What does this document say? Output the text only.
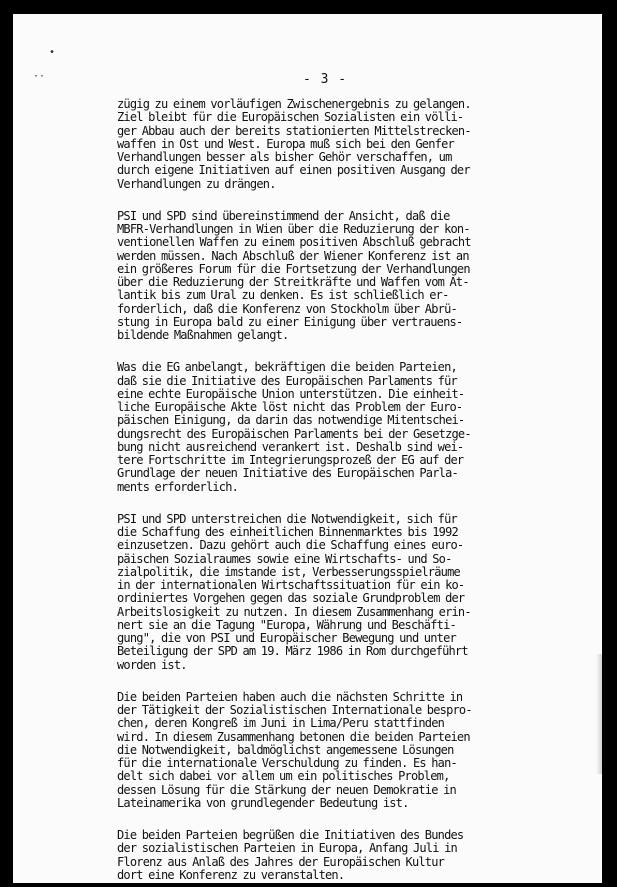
•
··	- 3 -

zügig zu einem vorläufigen Zwischenergebnis zu gelangen.
Ziel bleibt für die Europäischen Sozialisten ein völli-
ger Abbau auch der bereits stationierten Mittelstrecken-
waffen in Ost und West. Europa muß sich bei den Genfer
Verhandlungen besser als bisher Gehör verschaffen, um
durch eigene Initiativen auf einen positiven Ausgang der
Verhandlungen zu drängen.

PSI und SPD sind übereinstimmend der Ansicht, daß die
MBFR-Verhandlungen in Wien über die Reduzierung der kon-
ventionellen Waffen zu einem positiven Abschluß gebracht
werden müssen. Nach Abschluß der Wiener Konferenz ist an
ein größeres Forum für die Fortsetzung der Verhandlungen
über die Reduzierung der Streitkräfte und Waffen vom At-
lantik bis zum Ural zu denken. Es ist schließlich er-
forderlich, daß die Konferenz von Stockholm über Abrü-
stung in Europa bald zu einer Einigung über vertrauens-
bildende Maßnahmen gelangt.

Was die EG anbelangt, bekräftigen die beiden Parteien,
daß sie die Initiative des Europäischen Parlaments für
eine echte Europäische Union unterstützen. Die einheit-
liche Europäische Akte löst nicht das Problem der Euro-
päischen Einigung, da darin das notwendige Mitentschei-
dungsrecht des Europäischen Parlaments bei der Gesetzge-
bung nicht ausreichend verankert ist. Deshalb sind wei-
tere Fortschritte im Integrierungsprozeß der EG auf der
Grundlage der neuen Initiative des Europäischen Parla-
ments erforderlich.

PSI und SPD unterstreichen die Notwendigkeit, sich für
die Schaffung des einheitlichen Binnenmarktes bis 1992
einzusetzen. Dazu gehört auch die Schaffung eines euro-
päischen Sozialraumes sowie eine Wirtschafts- und So-
zialpolitik, die imstande ist, Verbesserungsspielräume
in der internationalen Wirtschaftssituation für ein ko-
ordiniertes Vorgehen gegen das soziale Grundproblem der
Arbeitslosigkeit zu nutzen. In diesem Zusammenhang erin-
nert sie an die Tagung "Europa, Währung und Beschäfti-
gung", die von PSI und Europäischer Bewegung und unter
Beteiligung der SPD am 19. März 1986 in Rom durchgeführt
worden ist.

Die beiden Parteien haben auch die nächsten Schritte in
der Tätigkeit der Sozialistischen Internationale bespro-
chen, deren Kongreß im Juni in Lima/Peru stattfinden
wird. In diesem Zusammenhang betonen die beiden Parteien
die Notwendigkeit, baldmöglichst angemessene Lösungen
für die internationale Verschuldung zu finden. Es han-
delt sich dabei vor allem um ein politisches Problem,
dessen Lösung für die Stärkung der neuen Demokratie in
Lateinamerika von grundlegender Bedeutung ist.

Die beiden Parteien begrüßen die Initiativen des Bundes
der sozialistischen Parteien in Europa, Anfang Juli in
Florenz aus Anlaß des Jahres der Europäischen Kultur
dort eine Konferenz zu veranstalten.
